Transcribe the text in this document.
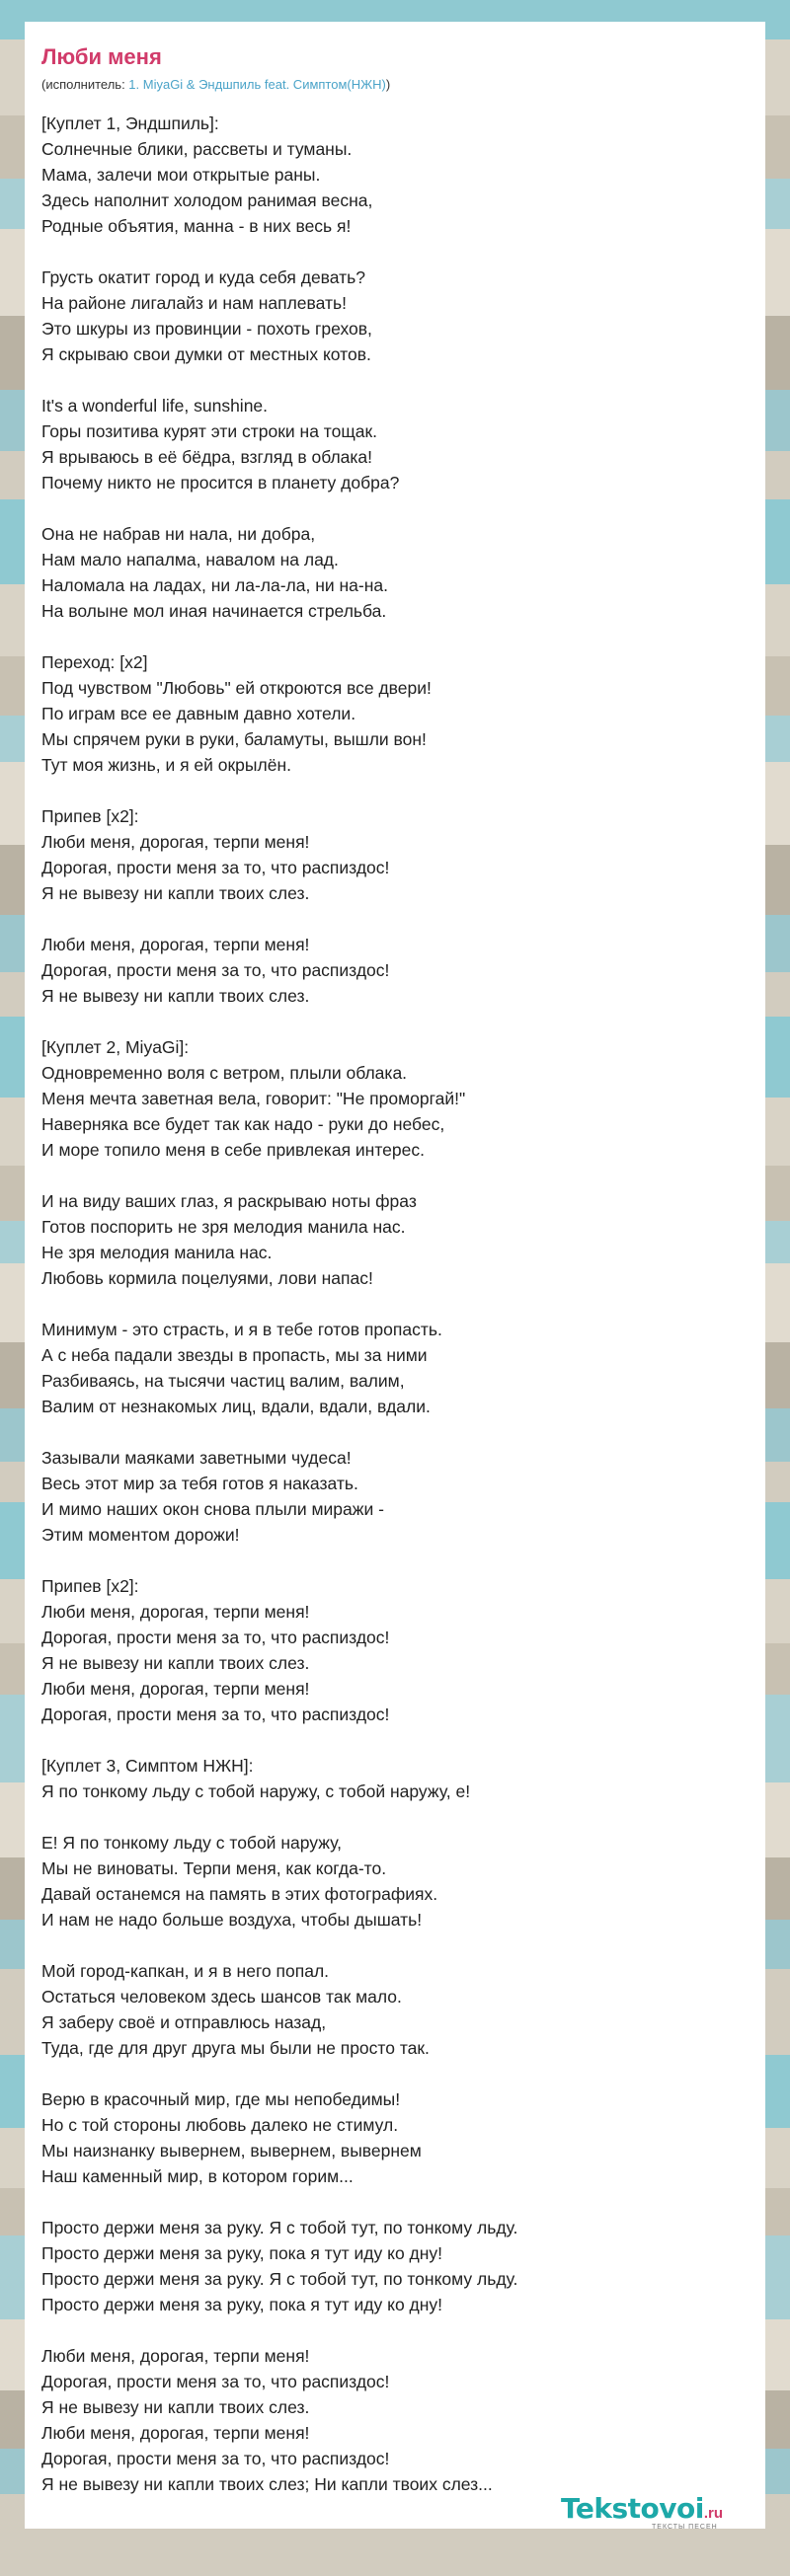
Люби меня
(исполнитель: 1. MiyaGi & Эндшпиль feat. Симптом(НЖН))
[Куплет 1, Эндшпиль]:
Солнечные блики, рассветы и туманы.
Мама, залечи мои открытые раны.
Здесь наполнит холодом ранимая весна,
Родные объятия, манна - в них весь я!
Грусть окатит город и куда себя девать?
На районе лигалайз и нам наплевать!
Это шкуры из провинции - похоть грехов,
Я скрываю свои думки от местных котов.
It's a wonderful life, sunshine.
Горы позитива курят эти строки на тощак.
Я врываюсь в её бёдра, взгляд в облака!
Почему никто не просится в планету добра?
Она не набрав ни нала, ни добра,
Нам мало напалма, навалом на лад.
Наломала на ладах, ни ла-ла-ла, ни на-на.
На волыне мол иная начинается стрельба.
Переход: [x2]
Под чувством "Любовь" ей откроются все двери!
По играм все ее давным давно хотели.
Мы спрячем руки в руки, баламуты, вышли вон!
Тут моя жизнь, и я ей окрылён.
Припев [x2]:
Люби меня, дорогая, терпи меня!
Дорогая, прости меня за то, что распиздос!
Я не вывезу ни капли твоих слез.
Люби меня, дорогая, терпи меня!
Дорогая, прости меня за то, что распиздос!
Я не вывезу ни капли твоих слез.
[Куплет 2, MiyaGi]:
Одновременно воля с ветром, плыли облака.
Меня мечта заветная вела, говорит: "Не проморгай!"
Наверняка все будет так как надо - руки до небес,
И море топило меня в себе привлекая интерес.
И на виду ваших глаз, я раскрываю ноты фраз
Готов поспорить не зря мелодия манила нас.
Не зря мелодия манила нас.
Любовь кормила поцелуями, лови напас!
Минимум - это страсть, и я в тебе готов пропасть.
А с неба падали звезды в пропасть, мы за ними
Разбиваясь, на тысячи частиц валим, валим,
Валим от незнакомых лиц, вдали, вдали, вдали.
Зазывали маяками заветными чудеса!
Весь этот мир за тебя готов я наказать.
И мимо наших окон снова плыли миражи -
Этим моментом дорожи!
Припев [x2]:
Люби меня, дорогая, терпи меня!
Дорогая, прости меня за то, что распиздос!
Я не вывезу ни капли твоих слез.
Люби меня, дорогая, терпи меня!
Дорогая, прости меня за то, что распиздос!
[Куплет 3, Симптом НЖН]:
Я по тонкому льду с тобой наружу, с тобой наружу, е!
Е! Я по тонкому льду с тобой наружу,
Мы не виноваты. Терпи меня, как когда-то.
Давай останемся на память в этих фотографиях.
И нам не надо больше воздуха, чтобы дышать!
Мой город-капкан, и я в него попал.
Остаться человеком здесь шансов так мало.
Я заберу своё и отправлюсь назад,
Туда, где для друг друга мы были не просто так.
Верю в красочный мир, где мы непобедимы!
Но с той стороны любовь далеко не стимул.
Мы наизнанку вывернем, вывернем, вывернем
Наш каменный мир, в котором горим...
Просто держи меня за руку. Я с тобой тут, по тонкому льду.
Просто держи меня за руку, пока я тут иду ко дну!
Просто держи меня за руку. Я с тобой тут, по тонкому льду.
Просто держи меня за руку, пока я тут иду ко дну!
Люби меня, дорогая, терпи меня!
Дорогая, прости меня за то, что распиздос!
Я не вывезу ни капли твоих слез.
Люби меня, дорогая, терпи меня!
Дорогая, прости меня за то, что распиздос!
Я не вывезу ни капли твоих слез; Ни капли твоих слез...
Tekstovoi.ru
ТЕКСТЫ ПЕСЕН
